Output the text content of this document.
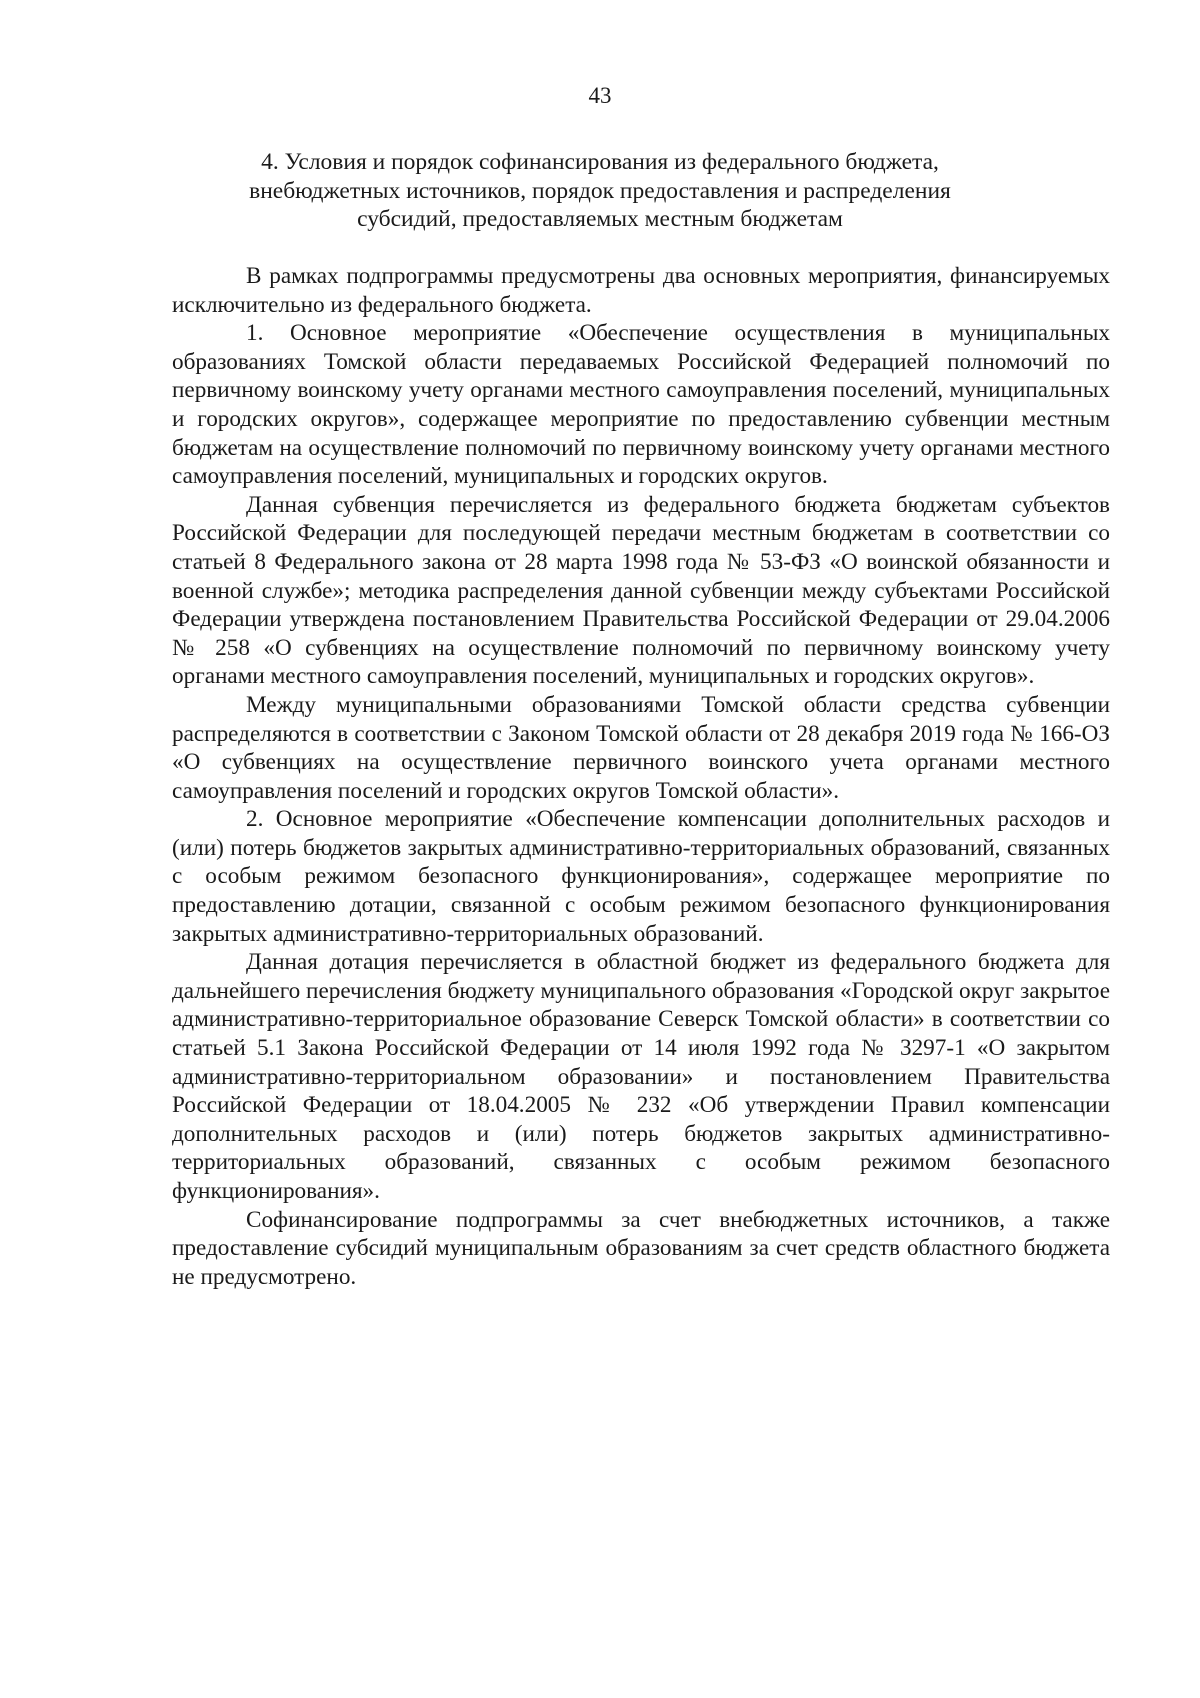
43
4. Условия и порядок софинансирования из федерального бюджета,
внебюджетных источников, порядок предоставления и распределения
субсидий, предоставляемых местным бюджетам

В рамках подпрограммы предусмотрены два основных мероприятия, финансируемых исключительно из федерального бюджета.

1. Основное мероприятие «Обеспечение осуществления в муниципальных образованиях Томской области передаваемых Российской Федерацией полномочий по первичному воинскому учету органами местного самоуправления поселений, муниципальных и городских округов», содержащее мероприятие по предоставлению субвенции местным бюджетам на осуществление полномочий по первичному воинскому учету органами местного самоуправления поселений, муниципальных и городских округов.

Данная субвенция перечисляется из федерального бюджета бюджетам субъектов Российской Федерации для последующей передачи местным бюджетам в соответствии со статьей 8 Федерального закона от 28 марта 1998 года № 53-ФЗ «О воинской обязанности и военной службе»; методика распределения данной субвенции между субъектами Российской Федерации утверждена постановлением Правительства Российской Федерации от 29.04.2006 № 258 «О субвенциях на осуществление полномочий по первичному воинскому учету органами местного самоуправления поселений, муниципальных и городских округов».

Между муниципальными образованиями Томской области средства субвенции распределяются в соответствии с Законом Томской области от 28 декабря 2019 года № 166-ОЗ «О субвенциях на осуществление первичного воинского учета органами местного самоуправления поселений и городских округов Томской области».

2. Основное мероприятие «Обеспечение компенсации дополнительных расходов и (или) потерь бюджетов закрытых административно-территориальных образований, связанных с особым режимом безопасного функционирования», содержащее мероприятие по предоставлению дотации, связанной с особым режимом безопасного функционирования закрытых административно-территориальных образований.

Данная дотация перечисляется в областной бюджет из федерального бюджета для дальнейшего перечисления бюджету муниципального образования «Городской округ закрытое административно-территориальное образование Северск Томской области» в соответствии со статьей 5.1 Закона Российской Федерации от 14 июля 1992 года № 3297-1 «О закрытом административно-территориальном образовании» и постановлением Правительства Российской Федерации от 18.04.2005 № 232 «Об утверждении Правил компенсации дополнительных расходов и (или) потерь бюджетов закрытых административно-территориальных образований, связанных с особым режимом безопасного функционирования».

Софинансирование подпрограммы за счет внебюджетных источников, а также предоставление субсидий муниципальным образованиям за счет средств областного бюджета не предусмотрено.
